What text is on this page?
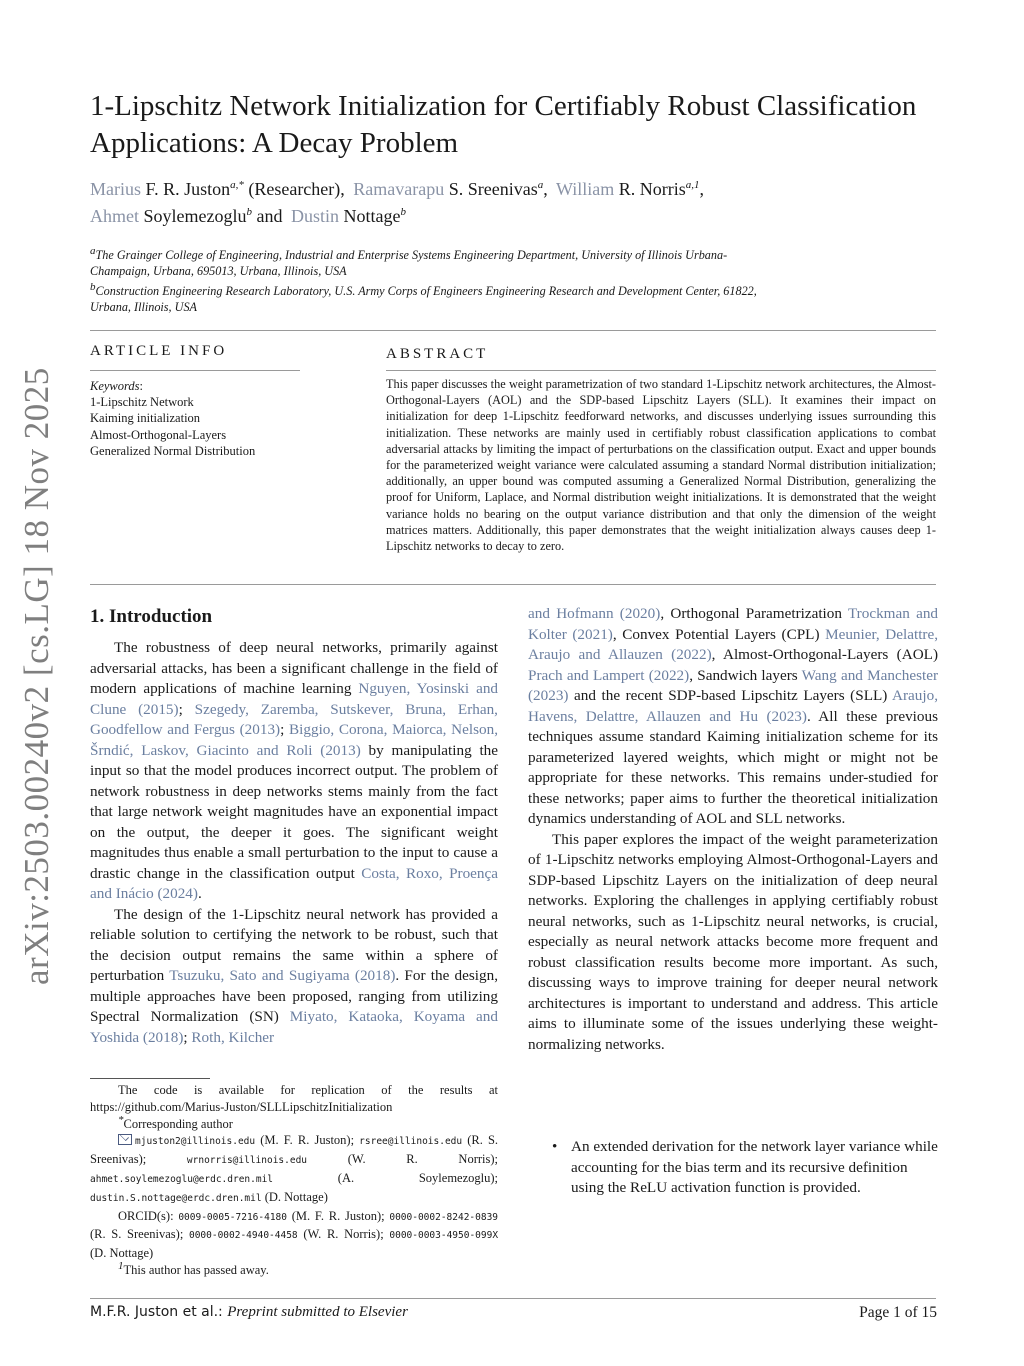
arXiv:2503.00240v2 [cs.LG] 18 Nov 2025
1-Lipschitz Network Initialization for Certifiably Robust Classification
Applications: A Decay Problem
Marius F. R. Juston$^{a,*}$ (Researcher), Ramavarapu S. Sreenivas$^a$, William R. Norris$^{a,1}$,
Ahmet Soylemezoglu$^b$ and Dustin Nottage$^b$
$^a$The Grainger College of Engineering, Industrial and Enterprise Systems Engineering Department, University of Illinois Urbana-Champaign, Urbana, 695013, Urbana, Illinois, USA
$^b$Construction Engineering Research Laboratory, U.S. Army Corps of Engineers Engineering Research and Development Center, 61822, Urbana, Illinois, USA
ARTICLE INFO	ABSTRACT
Keywords:
1-Lipschitz Network
Kaiming initialization
Almost-Orthogonal-Layers
Generalized Normal Distribution
This paper discusses the weight parametrization of two standard 1-Lipschitz network architectures, the Almost-Orthogonal-Layers (AOL) and the SDP-based Lipschitz Layers (SLL). It examines their impact on initialization for deep 1-Lipschitz feedforward networks, and discusses underlying issues surrounding this initialization. These networks are mainly used in certifiably robust classification applications to combat adversarial attacks by limiting the impact of perturbations on the classification output. Exact and upper bounds for the parameterized weight variance were calculated assuming a standard Normal distribution initialization; additionally, an upper bound was computed assuming a Generalized Normal Distribution, generalizing the proof for Uniform, Laplace, and Normal distribution weight initializations. It is demonstrated that the weight variance holds no bearing on the output variance distribution and that only the dimension of the weight matrices matters. Additionally, this paper demonstrates that the weight initialization always causes deep 1-Lipschitz networks to decay to zero.
1. Introduction

The robustness of deep neural networks, primarily against adversarial attacks, has been a significant challenge in the field of modern applications of machine learning Nguyen, Yosinski and Clune (2015); Szegedy, Zaremba, Sutskever, Bruna, Erhan, Goodfellow and Fergus (2013); Biggio, Corona, Maiorca, Nelson, Šrndić, Laskov, Giacinto and Roli (2013) by manipulating the input so that the model produces incorrect output. The problem of network robustness in deep networks stems mainly from the fact that large network weight magnitudes have an exponential impact on the output, the deeper it goes. The significant weight magnitudes thus enable a small perturbation to the input to cause a drastic change in the classification output Costa, Roxo, Proença and Inácio (2024).

The design of the 1-Lipschitz neural network has provided a reliable solution to certifying the network to be robust, such that the decision output remains the same within a sphere of perturbation Tsuzuku, Sato and Sugiyama (2018). For the design, multiple approaches have been proposed, ranging from utilizing Spectral Normalization (SN) Miyato, Kataoka, Koyama and Yoshida (2018); Roth, Kilcher

The code is available for replication of the results at https://github.com/Marius-Juston/SLLLipschitzInitialization

*Corresponding author

mjuston2@illinois.edu (M. F. R. Juston); rsree@illinois.edu (R. S. Sreenivas);	wrnorris@illinois.edu	(W. R. Norris); ahmet.soylemezoglu@erdc.dren.mil	(A. Soylemezoglu); dustin.S.nottage@erdc.dren.mil (D. Nottage)

ORCID(s): 0009-0005-7216-4180 (M. F. R. Juston); 0000-0002-8242-0839 (R. S. Sreenivas); 0000-0002-4940-4458 (W. R. Norris); 0000-0003-4950-099X (D. Nottage)

$^1$This author has passed away.

and Hofmann (2020), Orthogonal Parametrization Trockman and Kolter (2021), Convex Potential Layers (CPL) Meunier, Delattre, Araujo and Allauzen (2022), Almost-Orthogonal-Layers (AOL) Prach and Lampert (2022), Sandwich layers Wang and Manchester (2023) and the recent SDP-based Lipschitz Layers (SLL) Araujo, Havens, Delattre, Allauzen and Hu (2023). All these previous techniques assume standard Kaiming initialization scheme for its parameterized layered weights, which might or might not be appropriate for these networks. This remains under-studied for these networks; paper aims to further the theoretical initialization dynamics understanding of AOL and SLL networks.

This paper explores the impact of the weight parameterization of 1-Lipschitz networks employing Almost-Orthogonal-Layers and SDP-based Lipschitz Layers on the initialization of deep neural networks. Exploring the challenges in applying certifiably robust neural networks, such as 1-Lipschitz neural networks, is crucial, especially as neural network attacks become more frequent and robust classification results become more important. As such, discussing ways to improve training for deeper neural network architectures is important to understand and address. This article aims to illuminate some of the issues underlying these weight-normalizing networks.

• An extended derivation for the network layer variance while accounting for the bias term and its recursive definition using the ReLU activation function is provided.
M.F.R. Juston et al.: Preprint submitted to Elsevier	Page 1 of 15
